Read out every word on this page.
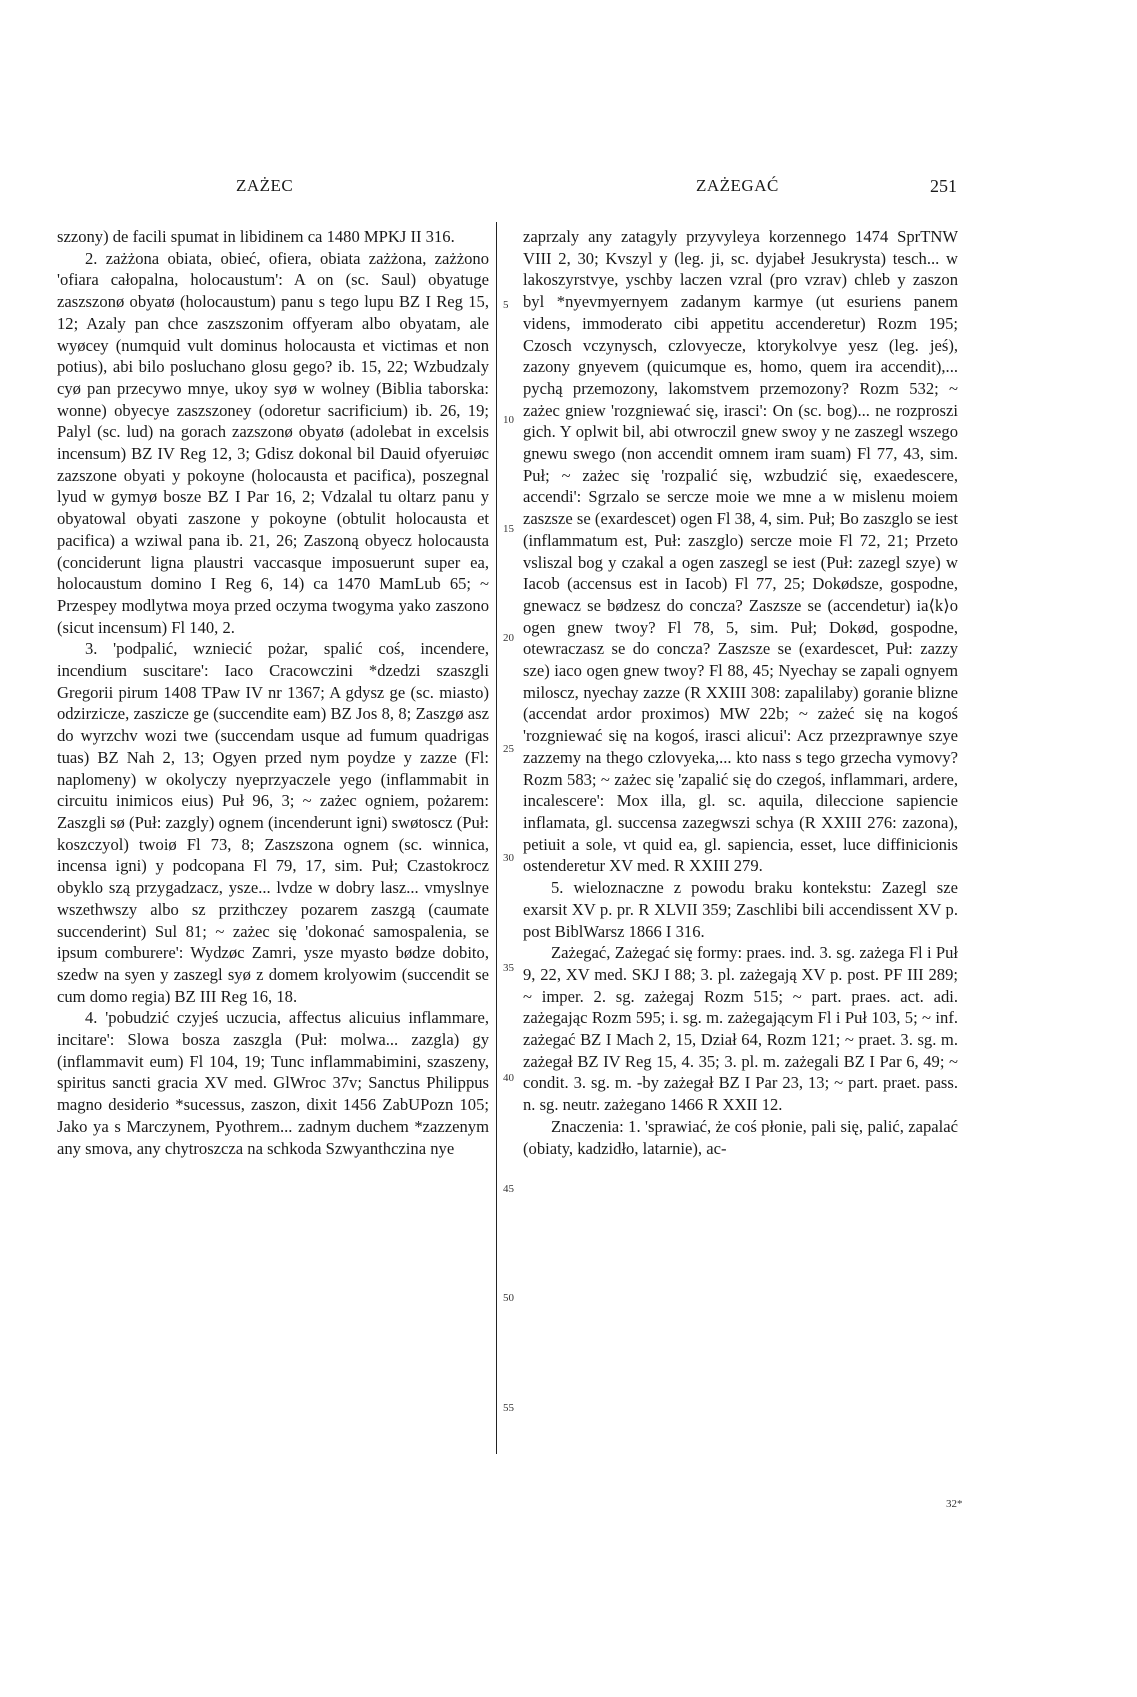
ZAŻEC	ZAŻEGAĆ	251

szzony) de facili spumat in libidinem ca 1480 MPKJ II 316.

2. zażżona obiata, obieć, ofiera, obiata zażżona, zażżono 'ofiara całopalna, holocaustum': A on (sc. Saul) obyatuge zaszszonø obyatø (holocaustum) panu s tego lupu BZ I Reg 15, 12; Azaly pan chce zaszszonim offyeram albo obyatam, ale wyøcey (numquid vult dominus holocausta et victimas et non potius), abi bilo posluchano glosu gego? ib. 15, 22; Wzbudzaly cyø pan przecywo mnye, ukoy syø w wolney (Biblia taborska: wonne) obyecye zaszszoney (odoretur sacrificium) ib. 26, 19; Palyl (sc. lud) na gorach zazszonø obyatø (adolebat in excelsis incensum) BZ IV Reg 12, 3; Gdisz dokonal bil Dauid ofyeruiøc zazszone obyati y pokoyne (holocausta et pacifica), poszegnal lyud w gymyø bosze BZ I Par 16, 2; Vdzalal tu oltarz panu y obyatowal obyati zaszone y pokoyne (obtulit holocausta et pacifica) a wziwal pana ib. 21, 26; Zaszoną obyecz holocausta (conciderunt ligna plaustri vaccasque imposuerunt super ea, holocaustum domino I Reg 6, 14) ca 1470 MamLub 65; ~ Przespey modlytwa moya przed oczyma twogyma yako zaszono (sicut incensum) Fl 140, 2.

3. 'podpalić, wzniecić pożar, spalić coś, incendere, incendium suscitare': Iaco Cracowczini *dzedzi szaszgli Gregorii pirum 1408 TPaw IV nr 1367; A gdysz ge (sc. miasto) odzirzicze, zaszicze ge (succendite eam) BZ Jos 8, 8; Zaszgø asz do wyrzchv wozi twe (succendam usque ad fumum quadrigas tuas) BZ Nah 2, 13; Ogyen przed nym poydze y zazze (Fl: naplomeny) w okolyczy nyeprzyaczele yego (inflammabit in circuitu inimicos eius) Puł 96, 3; ~ zażec ogniem, pożarem: Zaszgli sø (Puł: zazgly) ognem (incenderunt igni) swøtoscz (Puł: koszczyol) twoiø Fl 73, 8; Zaszszona ognem (sc. winnica, incensa igni) y podcopana Fl 79, 17, sim. Puł; Czastokrocz obyklo szą przygadzacz, ysze... lvdze w dobry lasz... vmyslnye wszethwszy albo sz przithczey pozarem zaszgą (caumate succenderint) Sul 81; ~ zażec się 'dokonać samospalenia, se ipsum comburere': Wydzøc Zamri, ysze myasto bødze dobito, szedw na syen y zaszegl syø z domem krolyowim (succendit se cum domo regia) BZ III Reg 16, 18.

4. 'pobudzić czyjeś uczucia, affectus alicuius inflammare, incitare': Slowa bosza zaszgla (Puł: molwa... zazgla) gy (inflammavit eum) Fl 104, 19; Tunc inflammabimini, szaszeny, spiritus sancti gracia XV med. GlWroc 37v; Sanctus Philippus magno desiderio *sucessus, zaszon, dixit 1456 ZabUPozn 105; Jako ya s Marczynem, Pyothrem... zadnym duchem *zazzenym any smova, any chytroszcza na schkoda Szwyanthczina nye

5
10
15
20
25
30
35
40
45
50
55

zaprzaly any zatagyly przyvyleya korzennego 1474 SprTNW VIII 2, 30; Kvszyl y (leg. ji, sc. dyjabeł Jesukrysta) tesch... w lakoszyrstvye, yschby laczen vzral (pro vzrav) chleb y zaszon byl *nyevmyernyem zadanym karmye (ut esuriens panem videns, immoderato cibi appetitu accenderetur) Rozm 195; Czosch vczynysch, czlovyecze, ktorykolvye yesz (leg. jeś), zazony gnyevem (quicumque es, homo, quem ira accendit),... pychą przemozony, lakomstvem przemozony? Rozm 532; ~ zażec gniew 'rozgniewać się, irasci': On (sc. bog)... ne rozproszi gich. Y oplwit bil, abi otwroczil gnew swoy y ne zaszegl wszego gnewu swego (non accendit omnem iram suam) Fl 77, 43, sim. Puł; ~ zażec się 'rozpalić się, wzbudzić się, exaedescere, accendi': Sgrzalo se sercze moie we mne a w mislenu moiem zaszsze se (exardescet) ogen Fl 38, 4, sim. Puł; Bo zaszglo se iest (inflammatum est, Puł: zaszglo) sercze moie Fl 72, 21; Przeto vsliszal bog y czakal a ogen zaszegl se iest (Puł: zazegl szye) w Iacob (accensus est in Iacob) Fl 77, 25; Dokødsze, gospodne, gnewacz se bødzesz do concza? Zaszsze se (accendetur) ia⟨k⟩o ogen gnew twoy? Fl 78, 5, sim. Puł; Dokød, gospodne, otewraczasz se do concza? Zaszsze se (exardescet, Puł: zazzy sze) iaco ogen gnew twoy? Fl 88, 45; Nyechay se zapali ognyem miloscz, nyechay zazze (R XXIII 308: zapalilaby) goranie blizne (accendat ardor proximos) MW 22b; ~ zażeć się na kogoś 'rozgniewać się na kogoś, irasci alicui': Acz przezprawnye szye zazzemy na thego czlovyeka,... kto nass s tego grzecha vymovy? Rozm 583; ~ zażec się 'zapalić się do czegoś, inflammari, ardere, incalescere': Mox illa, gl. sc. aquila, dileccione sapiencie inflamata, gl. succensa zazegwszi schya (R XXIII 276: zazona), petiuit a sole, vt quid ea, gl. sapiencia, esset, luce diffinicionis ostenderetur XV med. R XXIII 279.

5. wieloznaczne z powodu braku kontekstu: Zazegl sze exarsit XV p. pr. R XLVII 359; Zaschlibi bili accendissent XV p. post BiblWarsz 1866 I 316.

Zażegać, Zażegać się formy: praes. ind. 3. sg. zażega Fl i Puł 9, 22, XV med. SKJ I 88; 3. pl. zażegają XV p. post. PF III 289; ~ imper. 2. sg. zażegaj Rozm 515; ~ part. praes. act. adi. zażegając Rozm 595; i. sg. m. zażegającym Fl i Puł 103, 5; ~ inf. zażegać BZ I Mach 2, 15, Dział 64, Rozm 121; ~ praet. 3. sg. m. zażegał BZ IV Reg 15, 4. 35; 3. pl. m. zażegali BZ I Par 6, 49; ~ condit. 3. sg. m. -by zażegał BZ I Par 23, 13; ~ part. praet. pass. n. sg. neutr. zażegano 1466 R XXII 12.

Znaczenia: 1. 'sprawiać, że coś płonie, pali się, palić, zapalać (obiaty, kadzidło, latarnie), ac-

32*
